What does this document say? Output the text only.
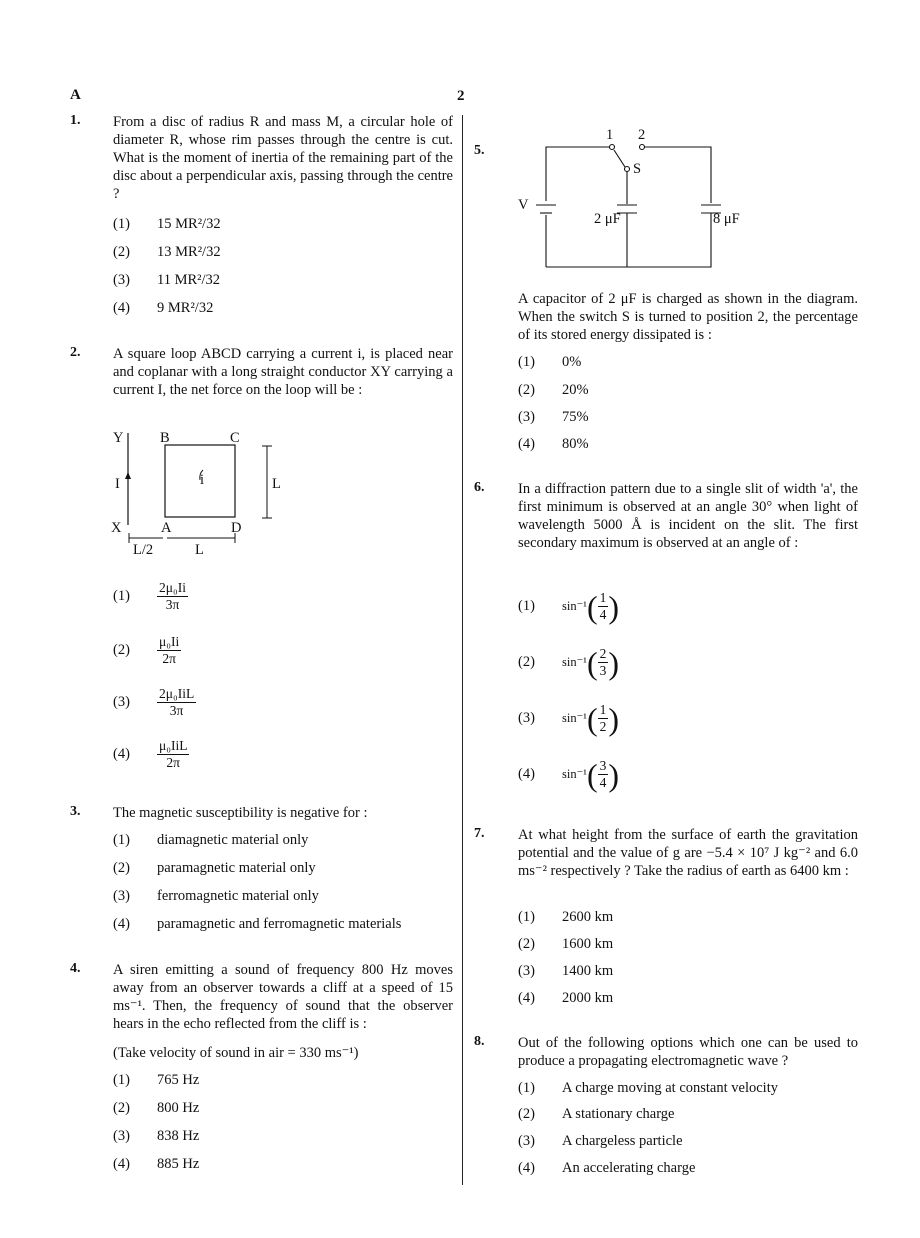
A	2
1. From a disc of radius R and mass M, a circular hole of diameter R, whose rim passes through the centre is cut. What is the moment of inertia of the remaining part of the disc about a perpendicular axis, passing through the centre ?
(1) 15 MR²/32
(2) 13 MR²/32
(3) 11 MR²/32
(4) 9 MR²/32
2. A square loop ABCD carrying a current i, is placed near and coplanar with a long straight conductor XY carrying a current I, the net force on the loop will be :
Y	B	C
I	i	L
X	A	D
L/2	L
$(1) \frac{\text{2μ₀Ii}}{3\pi}$
$(2) \frac{\text{μ₀Ii}}{2\pi}$
$(3) \frac{\text{2μ₀IiL}}{3\pi}$
$(4) \frac{\text{μ₀IiL}}{2\pi}$
3. The magnetic susceptibility is negative for :
(1) diamagnetic material only
(2) paramagnetic material only
(3) ferromagnetic material only
(4) paramagnetic and ferromagnetic materials
4. A siren emitting a sound of frequency 800 Hz moves away from an observer towards a cliff at a speed of 15 ms⁻¹. Then, the frequency of sound that the observer hears in the echo reflected from the cliff is :
(Take velocity of sound in air = 330 ms⁻¹)
(1) 765 Hz
(2) 800 Hz
(3) 838 Hz
(4) 885 Hz
5.
1 2
S
V
2 μF	8 μF
A capacitor of 2 μF is charged as shown in the diagram. When the switch S is turned to position 2, the percentage of its stored energy dissipated is :
(1) 0%
(2) 20%
(3) 75%
(4) 80%
6. In a diffraction pattern due to a single slit of width 'a', the first minimum is observed at an angle 30° when light of wavelength 5000 Å is incident on the slit. The first secondary maximum is observed at an angle of :
(1) sin⁻¹ ( $\frac{1}{4}$ )
(2) sin⁻¹ ( $\frac{2}{3}$ )
(3) sin⁻¹ ( $\frac{1}{2}$ )
(4) sin⁻¹ ( $\frac{3}{4}$ )
7. At what height from the surface of earth the gravitation potential and the value of g are −5.4 × 10⁷ J kg⁻² and 6.0 ms⁻² respectively ? Take the radius of earth as 6400 km :
(1) 2600 km
(2) 1600 km
(3) 1400 km
(4) 2000 km
8. Out of the following options which one can be used to produce a propagating electromagnetic wave ?
(1) A charge moving at constant velocity
(2) A stationary charge
(3) A chargeless particle
(4) An accelerating charge
